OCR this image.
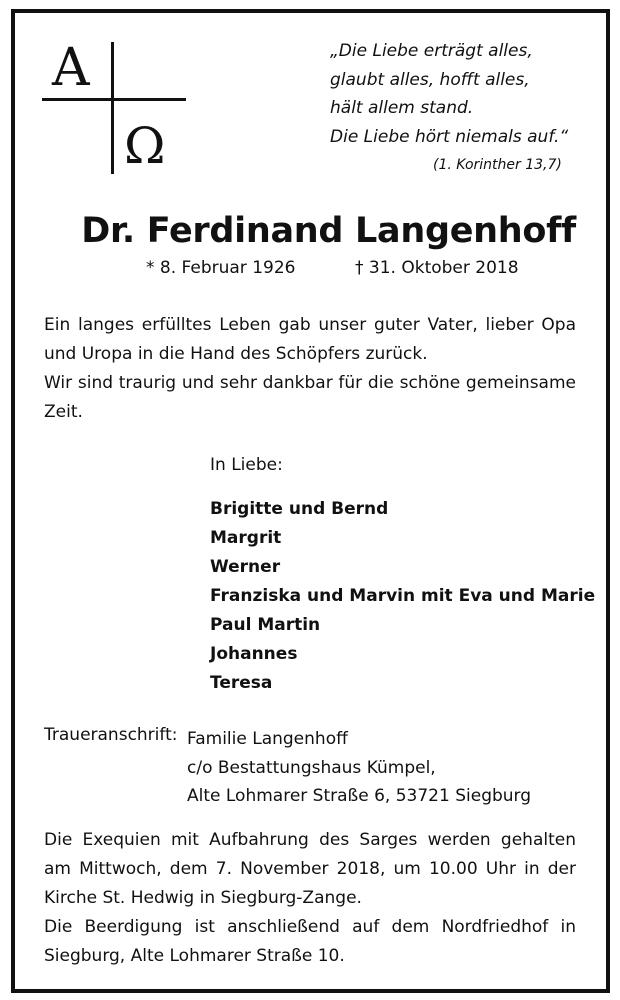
A
Ω
„Die Liebe erträgt alles,
glaubt alles, hofft alles,
hält allem stand.
Die Liebe hört niemals auf.“
(1. Korinther 13,7)
Dr. Ferdinand Langenhoff
* 8. Februar 1926	† 31. Oktober 2018
Ein langes erfülltes Leben gab unser guter Vater, lieber Opa
und Uropa in die Hand des Schöpfers zurück.
Wir sind traurig und sehr dankbar für die schöne gemeinsame
Zeit.
In Liebe:
Brigitte und Bernd
Margrit
Werner
Franziska und Marvin mit Eva und Marie
Paul Martin
Johannes
Teresa
Traueranschrift: Familie Langenhoff
c/o Bestattungshaus Kümpel,
Alte Lohmarer Straße 6, 53721 Siegburg
Die Exequien mit Aufbahrung des Sarges werden gehalten
am Mittwoch, dem 7. November 2018, um 10.00 Uhr in der
Kirche St. Hedwig in Siegburg-Zange.
Die Beerdigung ist anschließend auf dem Nordfriedhof in
Siegburg, Alte Lohmarer Straße 10.
